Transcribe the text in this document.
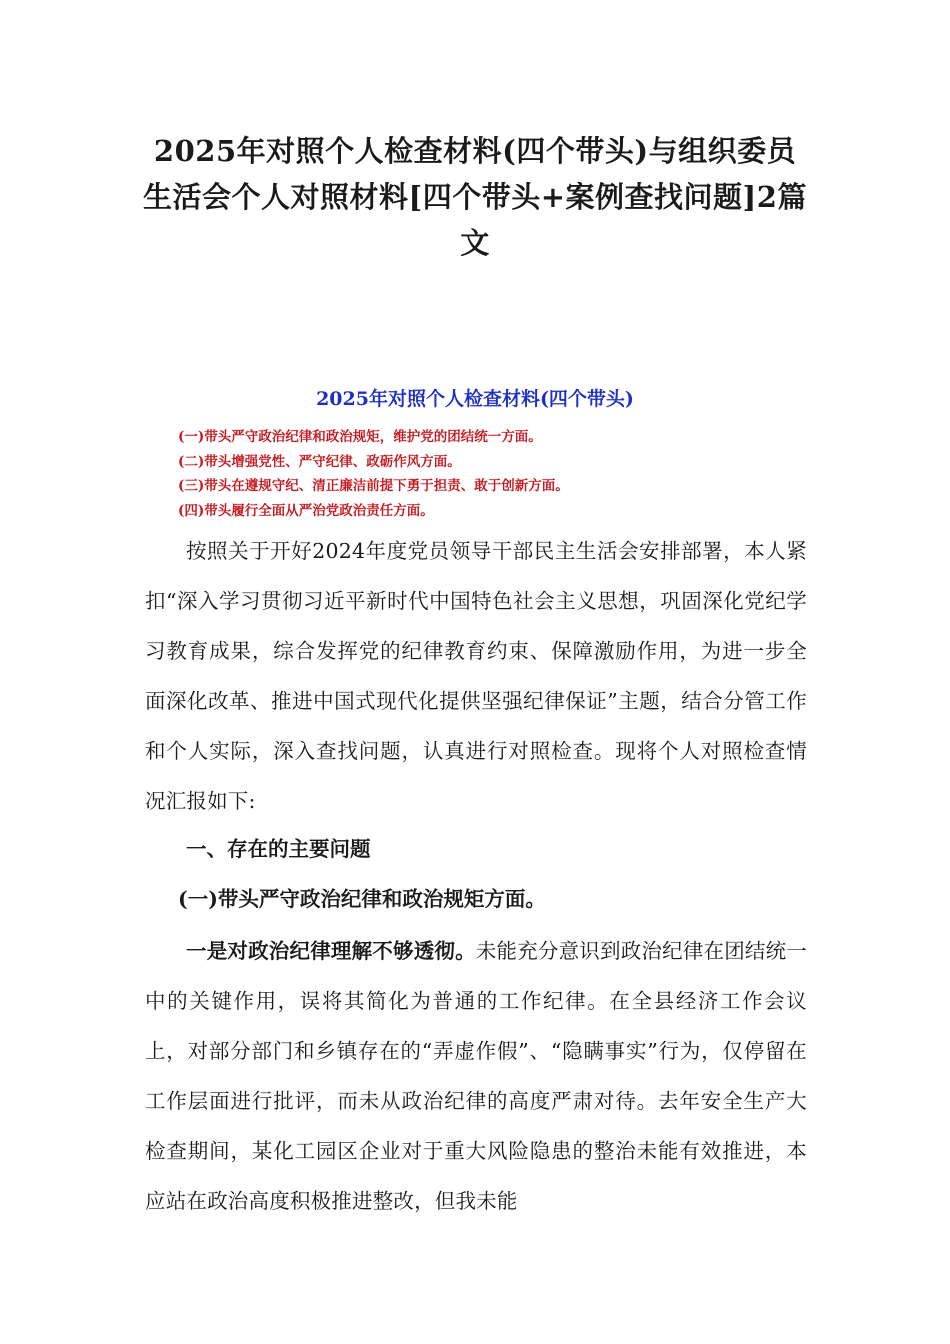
2025年对照个人检查材料(四个带头)与组织委员生活会个人对照材料[四个带头+案例查找问题]2篇文
2025年对照个人检查材料(四个带头)
(一)带头严守政治纪律和政治规矩，维护党的团结统一方面。
(二)带头增强党性、严守纪律、政砺作风方面。
(三)带头在遵规守纪、清正廉洁前提下勇于担责、敢于创新方面。
(四)带头履行全面从严治党政治责任方面。

按照关于开好2024年度党员领导干部民主生活会安排部署，本人紧扣“深入学习贯彻习近平新时代中国特色社会主义思想，巩固深化党纪学习教育成果，综合发挥党的纪律教育约束、保障激励作用，为进一步全面深化改革、推进中国式现代化提供坚强纪律保证”主题，结合分管工作和个人实际，深入查找问题，认真进行对照检查。现将个人对照检查情况汇报如下:

一、存在的主要问题

(一)带头严守政治纪律和政治规矩方面。

一是对政治纪律理解不够透彻。未能充分意识到政治纪律在团结统一中的关键作用，误将其简化为普通的工作纪律。在全县经济工作会议上，对部分部门和乡镇存在的“弄虚作假”、“隐瞒事实”行为，仅停留在工作层面进行批评，而未从政治纪律的高度严肃对待。去年安全生产大检查期间，某化工园区企业对于重大风险隐患的整治未能有效推进，本应站在政治高度积极推进整改，但我未能
